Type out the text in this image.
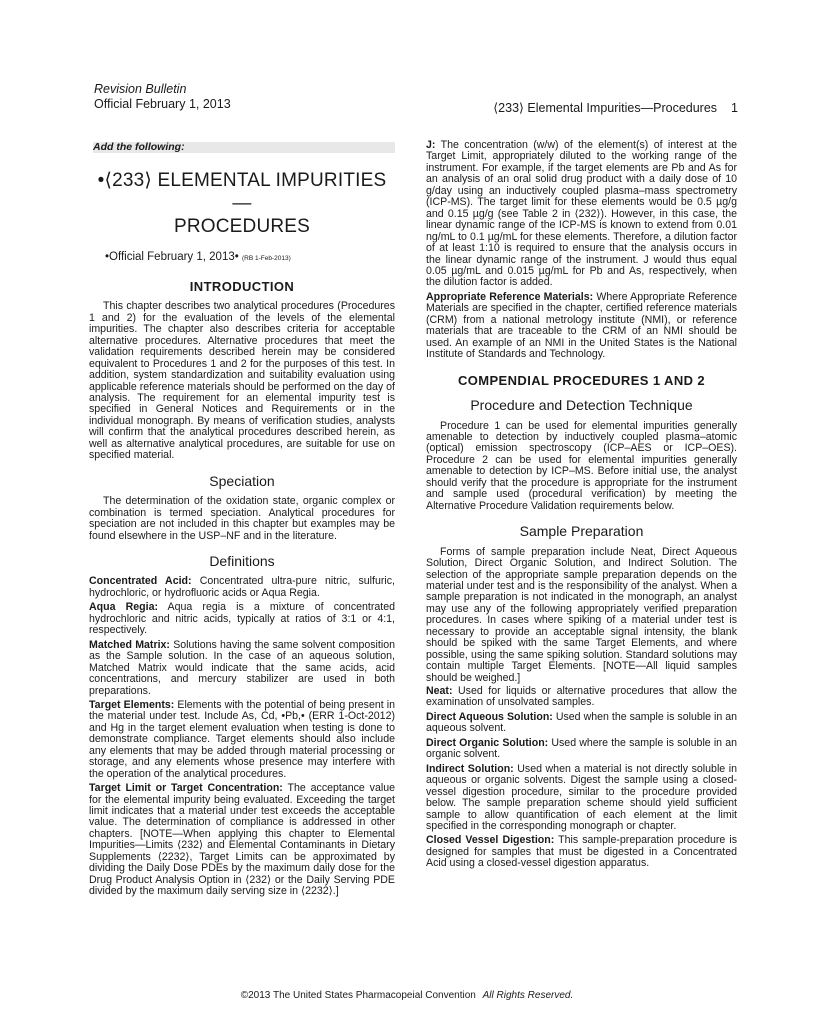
Revision Bulletin
Official February 1, 2013	⟨233⟩ Elemental Impurities—Procedures 1
Add the following:
•⟨233⟩ ELEMENTAL IMPURITIES—
PROCEDURES
•Official February 1, 2013• (RB 1-Feb-2013)
INTRODUCTION

This chapter describes two analytical procedures (Procedures 1 and 2) for the evaluation of the levels of the elemental impurities. The chapter also describes criteria for acceptable alternative procedures. Alternative procedures that meet the validation requirements described herein may be considered equivalent to Procedures 1 and 2 for the purposes of this test. In addition, system standardization and suitability evaluation using applicable reference materials should be performed on the day of analysis. The requirement for an elemental impurity test is specified in General Notices and Requirements or in the individual monograph. By means of verification studies, analysts will confirm that the analytical procedures described herein, as well as alternative analytical procedures, are suitable for use on specified material.

Speciation

The determination of the oxidation state, organic complex or combination is termed speciation. Analytical procedures for speciation are not included in this chapter but examples may be found elsewhere in the USP–NF and in the literature.

Definitions

Concentrated Acid: Concentrated ultra-pure nitric, sulfuric, hydrochloric, or hydrofluoric acids or Aqua Regia.

Aqua Regia: Aqua regia is a mixture of concentrated hydrochloric and nitric acids, typically at ratios of 3:1 or 4:1, respectively.

Matched Matrix: Solutions having the same solvent composition as the Sample solution. In the case of an aqueous solution, Matched Matrix would indicate that the same acids, acid concentrations, and mercury stabilizer are used in both preparations.

Target Elements: Elements with the potential of being present in the material under test. Include As, Cd, •Pb,• (ERR 1-Oct-2012) and Hg in the target element evaluation when testing is done to demonstrate compliance. Target elements should also include any elements that may be added through material processing or storage, and any elements whose presence may interfere with the operation of the analytical procedures.

Target Limit or Target Concentration: The acceptance value for the elemental impurity being evaluated. Exceeding the target limit indicates that a material under test exceeds the acceptable value. The determination of compliance is addressed in other chapters. [NOTE—When applying this chapter to Elemental Impurities—Limits ⟨232⟩ and Elemental Contaminants in Dietary Supplements ⟨2232⟩, Target Limits can be approximated by dividing the Daily Dose PDEs by the maximum daily dose for the Drug Product Analysis Option in ⟨232⟩ or the Daily Serving PDE divided by the maximum daily serving size in ⟨2232⟩.]

J: The concentration (w/w) of the element(s) of interest at the Target Limit, appropriately diluted to the working range of the instrument. For example, if the target elements are Pb and As for an analysis of an oral solid drug product with a daily dose of 10 g/day using an inductively coupled plasma–mass spectrometry (ICP-MS). The target limit for these elements would be 0.5 µg/g and 0.15 µg/g (see Table 2 in ⟨232⟩). However, in this case, the linear dynamic range of the ICP-MS is known to extend from 0.01 ng/mL to 0.1 µg/mL for these elements. Therefore, a dilution factor of at least 1:10 is required to ensure that the analysis occurs in the linear dynamic range of the instrument. J would thus equal 0.05 µg/mL and 0.015 µg/mL for Pb and As, respectively, when the dilution factor is added.

Appropriate Reference Materials: Where Appropriate Reference Materials are specified in the chapter, certified reference materials (CRM) from a national metrology institute (NMI), or reference materials that are traceable to the CRM of an NMI should be used. An example of an NMI in the United States is the National Institute of Standards and Technology.

COMPENDIAL PROCEDURES 1 AND 2
Procedure and Detection Technique

Procedure 1 can be used for elemental impurities generally amenable to detection by inductively coupled plasma–atomic (optical) emission spectroscopy (ICP–AES or ICP–OES). Procedure 2 can be used for elemental impurities generally amenable to detection by ICP–MS. Before initial use, the analyst should verify that the procedure is appropriate for the instrument and sample used (procedural verification) by meeting the Alternative Procedure Validation requirements below.

Sample Preparation

Forms of sample preparation include Neat, Direct Aqueous Solution, Direct Organic Solution, and Indirect Solution. The selection of the appropriate sample preparation depends on the material under test and is the responsibility of the analyst. When a sample preparation is not indicated in the monograph, an analyst may use any of the following appropriately verified preparation procedures. In cases where spiking of a material under test is necessary to provide an acceptable signal intensity, the blank should be spiked with the same Target Elements, and where possible, using the same spiking solution. Standard solutions may contain multiple Target Elements. [NOTE—All liquid samples should be weighed.]

Neat: Used for liquids or alternative procedures that allow the examination of unsolvated samples.

Direct Aqueous Solution: Used when the sample is soluble in an aqueous solvent.

Direct Organic Solution: Used where the sample is soluble in an organic solvent.

Indirect Solution: Used when a material is not directly soluble in aqueous or organic solvents. Digest the sample using a closed-vessel digestion procedure, similar to the procedure provided below. The sample preparation scheme should yield sufficient sample to allow quantification of each element at the limit specified in the corresponding monograph or chapter.

Closed Vessel Digestion: This sample-preparation procedure is designed for samples that must be digested in a Concentrated Acid using a closed-vessel digestion apparatus.

©2013 The United States Pharmacopeial Convention All Rights Reserved.
